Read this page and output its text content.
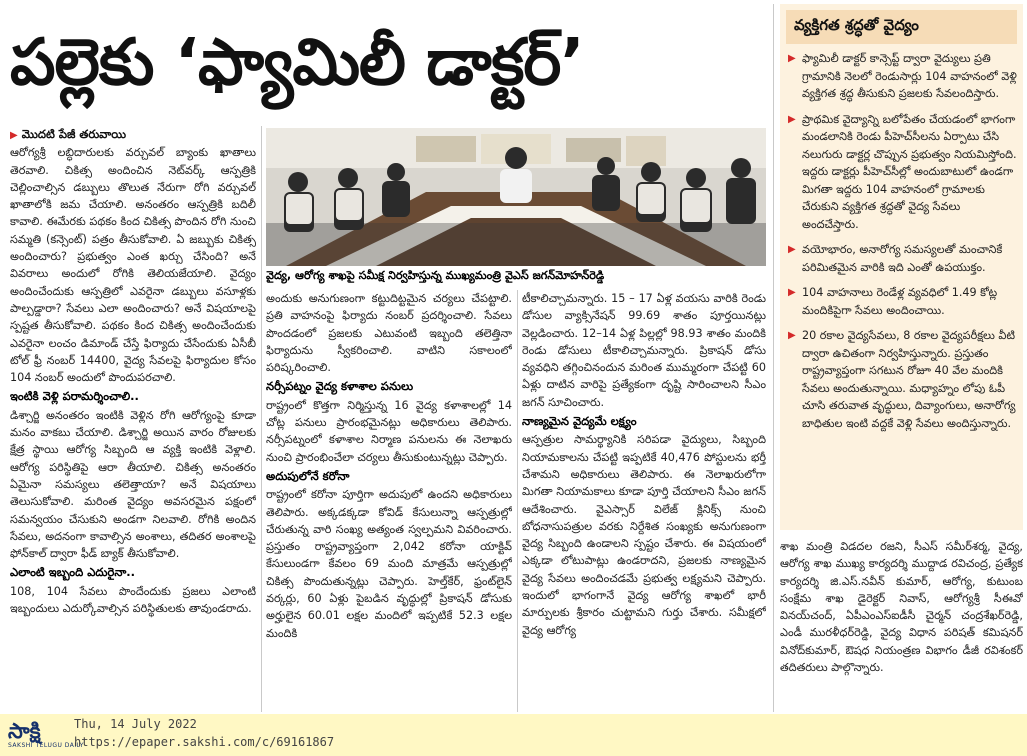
పల్లెకు ‘ఫ్యామిలీ డాక్టర్’
వ్యక్తిగత శ్రద్ధతో వైద్యం
▶ ఫ్యామిలీ డాక్టర్ కాన్సెప్ట్ ద్వారా వైద్యులు ప్రతి గ్రామానికి నెలలో రెండుసార్లు 104 వాహనంలో వెళ్లి వ్యక్తిగత శ్రద్ధ తీసుకుని ప్రజలకు సేవలందిస్తారు.
▶ ప్రాథమిక వైద్యాన్ని బలోపేతం చేయడంలో భాగంగా మండలానికి రెండు పీహెచ్‌సీలను ఏర్పాటు చేసి నలుగురు డాక్టర్ల చొప్పున ప్రభుత్వం నియమిస్తోంది. ఇద్దరు డాక్టర్లు పీహెచ్‌సీల్లో అందుబాటులో ఉండగా మిగతా ఇద్దరు 104 వాహనంలో గ్రామాలకు చేరుకుని వ్యక్తిగత శ్రద్ధతో వైద్య సేవలు అందచేస్తారు.
▶ వయోభారం, అనారోగ్య సమస్యలతో మంచానికే పరిమితమైన వారికి ఇది ఎంతో ఉపయుక్తం.
▶ 104 వాహనాలు రెండేళ్ల వ్యవధిలో 1.49 కోట్ల మందికిపైగా సేవలు అందించాయి.
▶ 20 రకాల వైద్యసేవలు, 8 రకాల వైద్యపరీక్షలు వీటి ద్వారా ఉచితంగా నిర్వహిస్తున్నారు. ప్రస్తుతం రాష్ట్రవ్యాప్తంగా సగటున రోజూ 40 వేల మందికి సేవలు అందుతున్నాయి. మధ్యాహ్నం లోపు ఓపీ చూసి తరువాత వృద్ధులు, దివ్యాంగులు, అనారోగ్య బాధితుల ఇంటి వద్దకే వెళ్లి సేవలు అందిస్తున్నారు.
▶ మొదటి పేజీ తరువాయి

ఆరోగ్యశ్రీ లబ్ధిదారులకు వర్చువల్ బ్యాంకు ఖాతాలు తెరవాలి. చికిత్స అందించిన నెట్‌వర్క్ ఆస్పత్రికి చెల్లించాల్సిన డబ్బులు తొలుత నేరుగా రోగి వర్చువల్ ఖాతాలోకి జమ చేయాలి. అనంతరం ఆస్పత్రికి బదిలీ కావాలి. ఈమేరకు పథకం కింద చికిత్స పొందిన రోగి నుంచి సమ్మతి (కన్సెంట్) పత్రం తీసుకోవాలి. ఏ జబ్బుకు చికిత్స అందించారు? ప్రభుత్వం ఎంత ఖర్చు చేసింది? అనే వివరాలు అందులో రోగికి తెలియజేయాలి. వైద్యం అందించేందుకు ఆస్పత్రిలో ఎవరైనా డబ్బులు వసూళ్లకు పాల్పడ్డారా? సేవలు ఎలా అందించారు? అనే విషయాలపై స్పష్టత తీసుకోవాలి. పథకం కింద చికిత్స అందించేందుకు ఎవరైనా లంచం డిమాండ్ చేస్తే ఫిర్యాదు చేసేందుకు ఏసీబీ టోల్ ఫ్రీ నంబర్ 14400, వైద్య సేవలపై ఫిర్యాదుల కోసం 104 నంబర్ అందులో పొందుపరచాలి.

ఇంటికి వెళ్లి పరామర్శించాలి..

డిశ్చార్జి అనంతరం ఇంటికి వెళ్లిన రోగి ఆరోగ్యంపై కూడా మనం వాకబు చేయాలి. డిశ్చార్జి అయిన వారం రోజులకు క్షేత్ర స్థాయి ఆరోగ్య సిబ్బంది ఆ వ్యక్తి ఇంటికి వెళ్లాలి. ఆరోగ్య పరిస్థితిపై ఆరా తీయాలి. చికిత్స అనంతరం ఏమైనా సమస్యలు తలెత్తాయా? అనే విషయాలు తెలుసుకోవాలి. మరింత వైద్యం అవసరమైన పక్షంలో సమన్వయం చేసుకుని అండగా నిలవాలి. రోగికి అందిన సేవలు, అదనంగా కావాల్సిన అంశాలు, తదితర అంశాలపై ఫోన్‌కాల్ ద్వారా ఫీడ్ బ్యాక్ తీసుకోవాలి.

ఎలాంటి ఇబ్బంది ఎదురైనా..

108, 104 సేవలు పొందేందుకు ప్రజలు ఎలాంటి ఇబ్బందులు ఎదుర్కోవాల్సిన పరిస్థితులకు తావుండరాదు.

వైద్య, ఆరోగ్య శాఖపై సమీక్ష నిర్వహిస్తున్న ముఖ్యమంత్రి వైఎస్ జగన్‌మోహన్‌రెడ్డి

అందుకు అనుగుణంగా కట్టుదిట్టమైన చర్యలు చేపట్టాలి. ప్రతి వాహనంపై ఫిర్యాదు నంబర్ ప్రదర్శించాలి. సేవలు పొందడంలో ప్రజలకు ఎటువంటి ఇబ్బంది తలెత్తినా ఫిర్యాదును స్వీకరించాలి. వాటిని సకాలంలో పరిష్కరించాలి.

నర్సీపట్నం వైద్య కళాశాల పనులు

రాష్ట్రంలో కొత్తగా నిర్మిస్తున్న 16 వైద్య కళాశాలల్లో 14 చోట్ల పనులు ప్రారంభమైనట్లు అధికారులు తెలిపారు. నర్సీపట్నంలో కళాశాల నిర్మాణ పనులను ఈ నెలాఖరు నుంచి ప్రారంభించేలా చర్యలు తీసుకుంటున్నట్లు చెప్పారు.

అదుపులోనే కరోనా

రాష్ట్రంలో కరోనా పూర్తిగా అదుపులో ఉందని అధికారులు తెలిపారు. అక్కడక్కడా కోవిడ్ కేసులున్నా ఆస్పత్రుల్లో చేరుతున్న వారి సంఖ్య అత్యంత స్వల్పమని వివరించారు. ప్రస్తుతం రాష్ట్రవ్యాప్తంగా 2,042 కరోనా యాక్టివ్ కేసులుండగా కేవలం 69 మంది మాత్రమే ఆస్పత్రుల్లో చికిత్స పొందుతున్నట్లు చెప్పారు. హెల్త్‌కేర్, ఫ్రంట్‌లైన్ వర్కర్లు, 60 ఏళ్లు పైబడిన వృద్ధుల్లో ప్రికాషన్ డోసుకు అర్హులైన 60.01 లక్షల మందిలో ఇప్పటికే 52.3 లక్షల మందికి

టీకాలిచ్చామన్నారు. 15 – 17 ఏళ్ల వయసు వారికి రెండు డోసుల వ్యాక్సినేషన్ 99.69 శాతం పూర్తయినట్లు వెల్లడించారు. 12–14 ఏళ్ల పిల్లల్లో 98.93 శాతం మందికి రెండు డోసులు టీకాలిచ్చామన్నారు. ప్రికాషన్ డోసు వ్యవధిని తగ్గించినందున మరింత ముమ్మరంగా చేపట్టి 60 ఏళ్లు దాటిన వారిపై ప్రత్యేకంగా దృష్టి సారించాలని సీఎం జగన్ సూచించారు.

నాణ్యమైన వైద్యమే లక్ష్యం

ఆస్పత్రుల సామర్థ్యానికి సరిపడా వైద్యులు, సిబ్బంది నియామకాలను చేపట్టి ఇప్పటికే 40,476 పోస్టులను భర్తీ చేశామని అధికారులు తెలిపారు. ఈ నెలాఖరులోగా మిగతా నియామకాలు కూడా పూర్తి చేయాలని సీఎం జగన్ ఆదేశించారు. వైఎస్సార్ విలేజ్ క్లినిక్స్ నుంచి బోధనాసుపత్రుల వరకు నిర్దేశిత సంఖ్యకు అనుగుణంగా వైద్య సిబ్బంది ఉండాలని స్పష్టం చేశారు. ఈ విషయంలో ఎక్కడా లోటుపాట్లు ఉండరాదని, ప్రజలకు నాణ్యమైన వైద్య సేవలు అందించడమే ప్రభుత్వ లక్ష్యమని చెప్పారు. ఇందులో భాగంగానే వైద్య ఆరోగ్య శాఖలో భారీ మార్పులకు శ్రీకారం చుట్టామని గుర్తు చేశారు. సమీక్షలో వైద్య ఆరోగ్య

శాఖ మంత్రి విడదల రజని, సీఎస్ సమీర్‌శర్మ, వైద్య, ఆరోగ్య శాఖ ముఖ్య కార్యదర్శి ముద్దాడ రవిచంద్ర, ప్రత్యేక కార్యదర్శి జి.ఎస్.నవీన్ కుమార్, ఆరోగ్య, కుటుంబ సంక్షేమ శాఖ డైరెక్టర్ నివాస్, ఆరోగ్యశ్రీ సీఈవో వినయ్‌చంద్, ఏపీఎంఎస్ఐడీసీ చైర్మన్ చంద్రశేఖర్‌రెడ్డి, ఎండీ మురళీధర్‌రెడ్డి, వైద్య విధాన పరిషత్ కమిషనర్ వినోద్‌కుమార్, ఔషధ నియంత్రణ విభాగం డీజీ రవిశంకర్ తదితరులు పాల్గొన్నారు.

సాక్షి
SAKSHI TELUGU DAILY
Thu, 14 July 2022
https://epaper.sakshi.com/c/69161867
